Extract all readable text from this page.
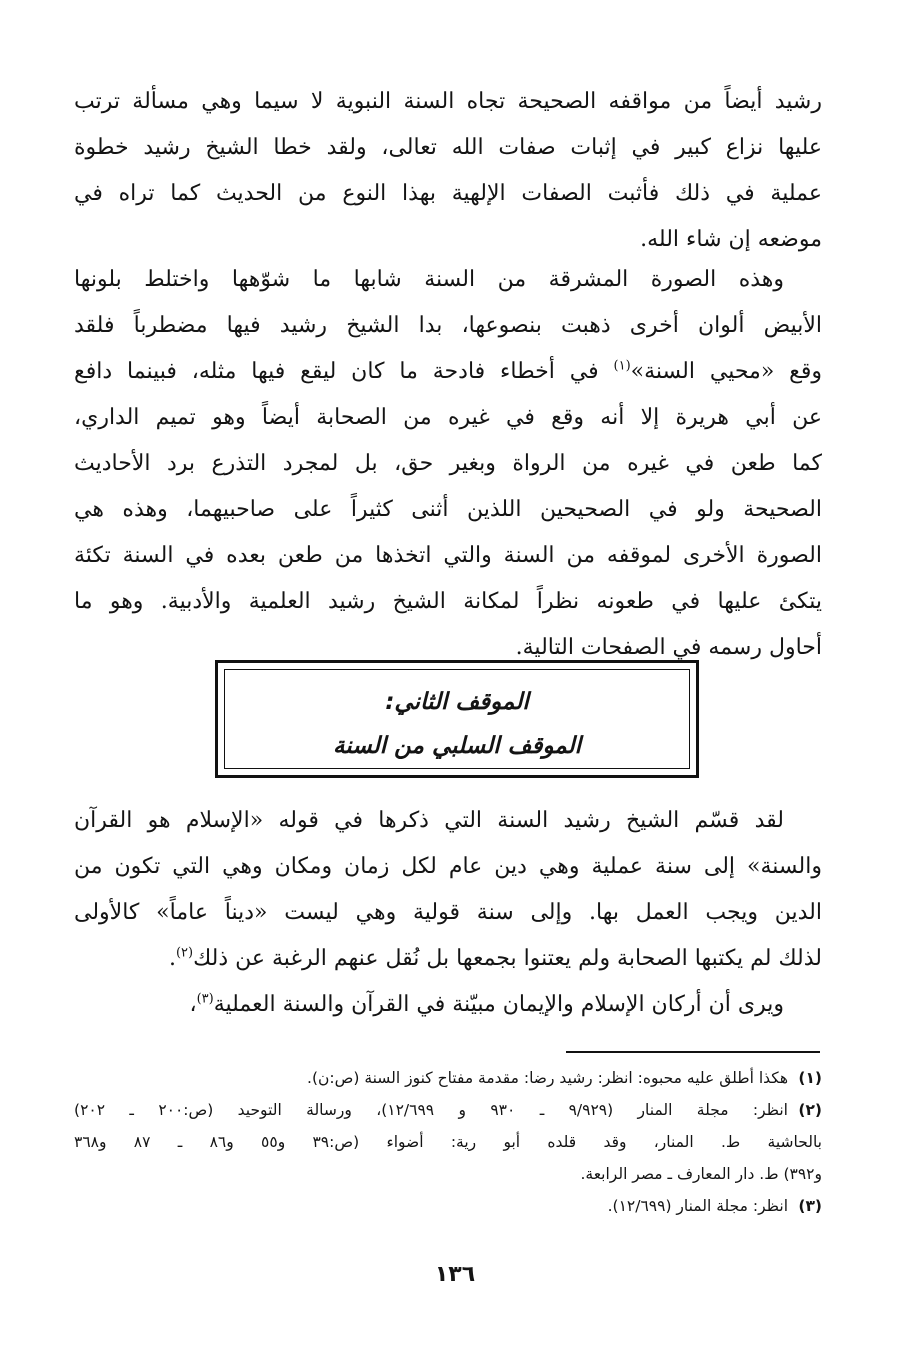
رشيد أيضاً من مواقفه الصحيحة تجاه السنة النبوية لا سيما وهي مسألة ترتب
عليها نزاع كبير في إثبات صفات الله تعالى، ولقد خطا الشيخ رشيد خطوة
عملية في ذلك فأثبت الصفات الإلهية بهذا النوع من الحديث كما تراه في
موضعه إن شاء الله.
وهذه الصورة المشرقة من السنة شابها ما شوّهها واختلط بلونها
الأبيض ألوان أخرى ذهبت بنصوعها، بدا الشيخ رشيد فيها مضطرباً فلقد
وقع «محيي السنة»$^{(١)}$ في أخطاء فادحة ما كان ليقع فيها مثله، فبينما دافع
عن أبي هريرة إلا أنه وقع في غيره من الصحابة أيضاً وهو تميم الداري،
كما طعن في غيره من الرواة وبغير حق، بل لمجرد التذرع برد الأحاديث
الصحيحة ولو في الصحيحين اللذين أثنى كثيراً على صاحبيهما، وهذه هي
الصورة الأخرى لموقفه من السنة والتي اتخذها من طعن بعده في السنة تكئة
يتكئ عليها في طعونه نظراً لمكانة الشيخ رشيد العلمية والأدبية. وهو ما
أحاول رسمه في الصفحات التالية.
الموقف الثاني:
الموقف السلبي من السنة
لقد قسّم الشيخ رشيد السنة التي ذكرها في قوله «الإسلام هو القرآن
والسنة» إلى سنة عملية وهي دين عام لكل زمان ومكان وهي التي تكون من
الدين ويجب العمل بها. وإلى سنة قولية وهي ليست «ديناً عاماً» كالأولى
لذلك لم يكتبها الصحابة ولم يعتنوا بجمعها بل نُقل عنهم الرغبة عن ذلك$^{(٢)}$.
ويرى أن أركان الإسلام والإيمان مبيّنة في القرآن والسنة العملية$^{(٣)}$،
(١)هكذا أطلق عليه محبوه: انظر: رشيد رضا: مقدمة مفتاح كنوز السنة (ص:ن).
(٢)انظر: مجلة المنار (٩/٩٢٩ ـ ٩٣٠ و ١٢/٦٩٩)، ورسالة التوحيد (ص:٢٠٠ ـ ٢٠٢)
بالحاشية ط. المنار، وقد قلده أبو رية: أضواء (ص:٣٩ و٥٥ و٨٦ ـ ٨٧ و٣٦٨
و٣٩٢) ط. دار المعارف ـ مصر الرابعة.
(٣)انظر: مجلة المنار (١٢/٦٩٩).
١٣٦
